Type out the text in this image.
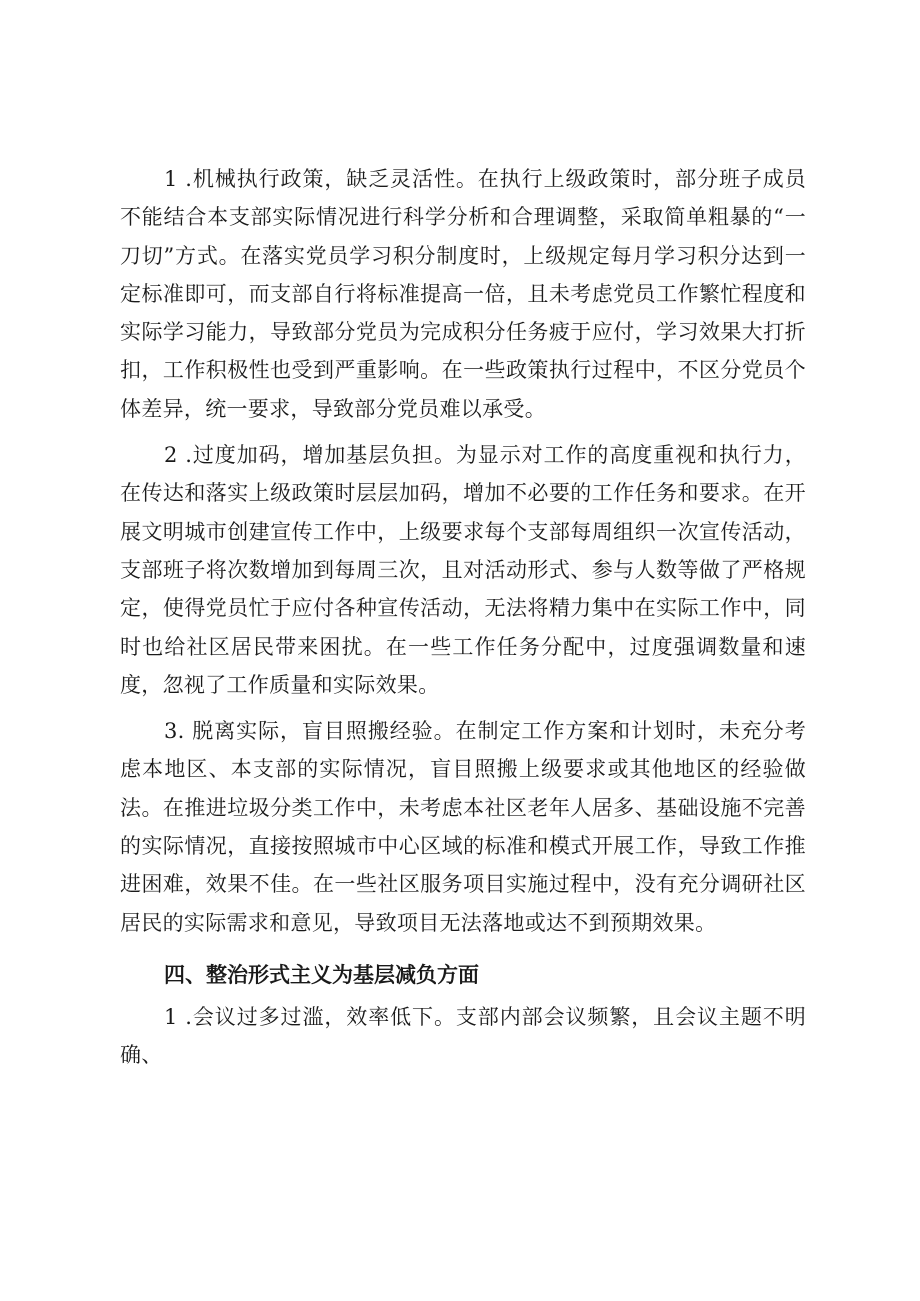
1 .机械执行政策，缺乏灵活性。在执行上级政策时，部分班子成员不能结合本支部实际情况进行科学分析和合理调整，采取简单粗暴的“一刀切”方式。在落实党员学习积分制度时，上级规定每月学习积分达到一定标准即可，而支部自行将标准提高一倍，且未考虑党员工作繁忙程度和实际学习能力，导致部分党员为完成积分任务疲于应付，学习效果大打折扣，工作积极性也受到严重影响。在一些政策执行过程中，不区分党员个体差异，统一要求，导致部分党员难以承受。

2 .过度加码，增加基层负担。为显示对工作的高度重视和执行力，在传达和落实上级政策时层层加码，增加不必要的工作任务和要求。在开展文明城市创建宣传工作中，上级要求每个支部每周组织一次宣传活动，支部班子将次数增加到每周三次，且对活动形式、参与人数等做了严格规定，使得党员忙于应付各种宣传活动，无法将精力集中在实际工作中，同时也给社区居民带来困扰。在一些工作任务分配中，过度强调数量和速度，忽视了工作质量和实际效果。

3. 脱离实际，盲目照搬经验。在制定工作方案和计划时，未充分考虑本地区、本支部的实际情况，盲目照搬上级要求或其他地区的经验做法。在推进垃圾分类工作中，未考虑本社区老年人居多、基础设施不完善的实际情况，直接按照城市中心区域的标准和模式开展工作，导致工作推进困难，效果不佳。在一些社区服务项目实施过程中，没有充分调研社区居民的实际需求和意见，导致项目无法落地或达不到预期效果。

四、整治形式主义为基层减负方面

1 .会议过多过滥，效率低下。支部内部会议频繁，且会议主题不明确、
